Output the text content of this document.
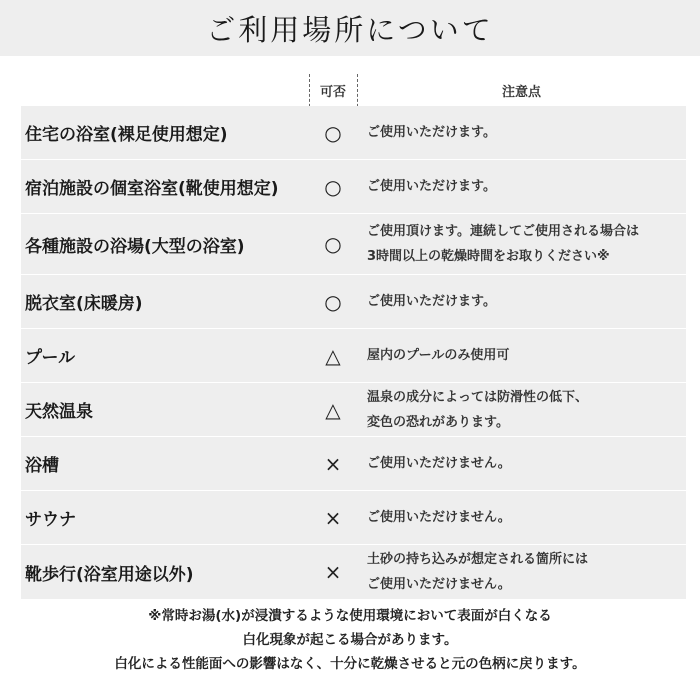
ご利用場所について
可否	注意点
住宅の浴室(裸足使用想定)	○	ご使用いただけます。
宿泊施設の個室浴室(靴使用想定)	○	ご使用いただけます。
各種施設の浴場(大型の浴室)	○
ご使用頂けます。連続してご使用される場合は
3時間以上の乾燥時間をお取りください※
脱衣室(床暖房)	○	ご使用いただけます。
プール	△	屋内のプールのみ使用可
天然温泉	△
温泉の成分によっては防滑性の低下、
変色の恐れがあります。
浴槽	×	ご使用いただけません。
サウナ	×	ご使用いただけません。
靴歩行(浴室用途以外)	×
土砂の持ち込みが想定される箇所には
ご使用いただけません。
※常時お湯(水)が浸潰するような使用環境において表面が白くなる
白化現象が起こる場合があります。
白化による性能面への影響はなく、十分に乾燥させると元の色柄に戻ります。
